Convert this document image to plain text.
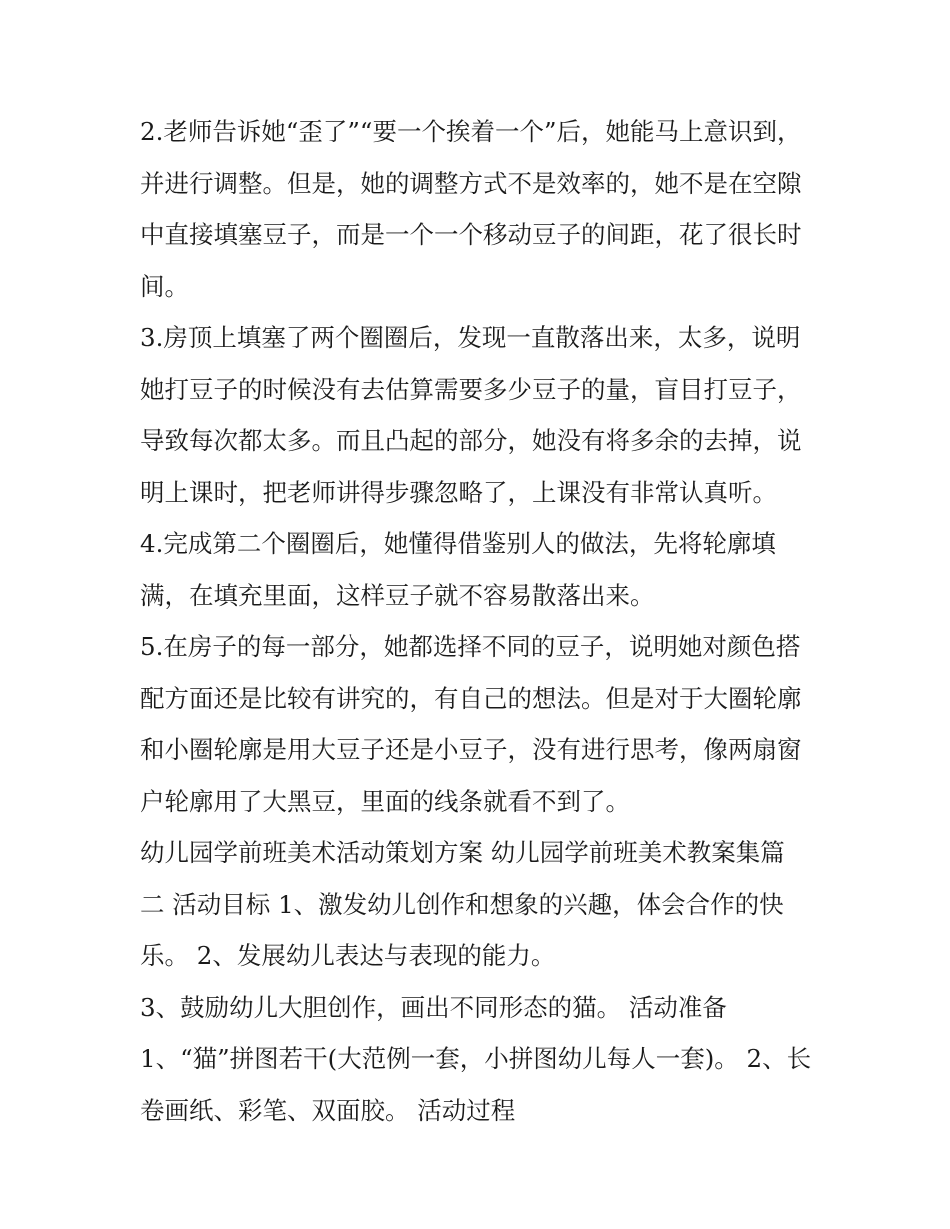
2.老师告诉她“歪了”“要一个挨着一个”后，她能马上意识到，
并进行调整。但是，她的调整方式不是效率的，她不是在空隙
中直接填塞豆子，而是一个一个移动豆子的间距，花了很长时
间。

3.房顶上填塞了两个圈圈后，发现一直散落出来，太多，说明
她打豆子的时候没有去估算需要多少豆子的量，盲目打豆子，
导致每次都太多。而且凸起的部分，她没有将多余的去掉，说
明上课时，把老师讲得步骤忽略了，上课没有非常认真听。

4.完成第二个圈圈后，她懂得借鉴别人的做法，先将轮廓填
满，在填充里面，这样豆子就不容易散落出来。

5.在房子的每一部分，她都选择不同的豆子，说明她对颜色搭
配方面还是比较有讲究的，有自己的想法。但是对于大圈轮廓
和小圈轮廓是用大豆子还是小豆子，没有进行思考，像两扇窗
户轮廓用了大黑豆，里面的线条就看不到了。

幼儿园学前班美术活动策划方案 幼儿园学前班美术教案集篇
二 活动目标 1、激发幼儿创作和想象的兴趣，体会合作的快
乐。 2、发展幼儿表达与表现的能力。

3、鼓励幼儿大胆创作，画出不同形态的猫。 活动准备

1、“猫”拼图若干(大范例一套，小拼图幼儿每人一套)。 2、长
卷画纸、彩笔、双面胶。 活动过程
